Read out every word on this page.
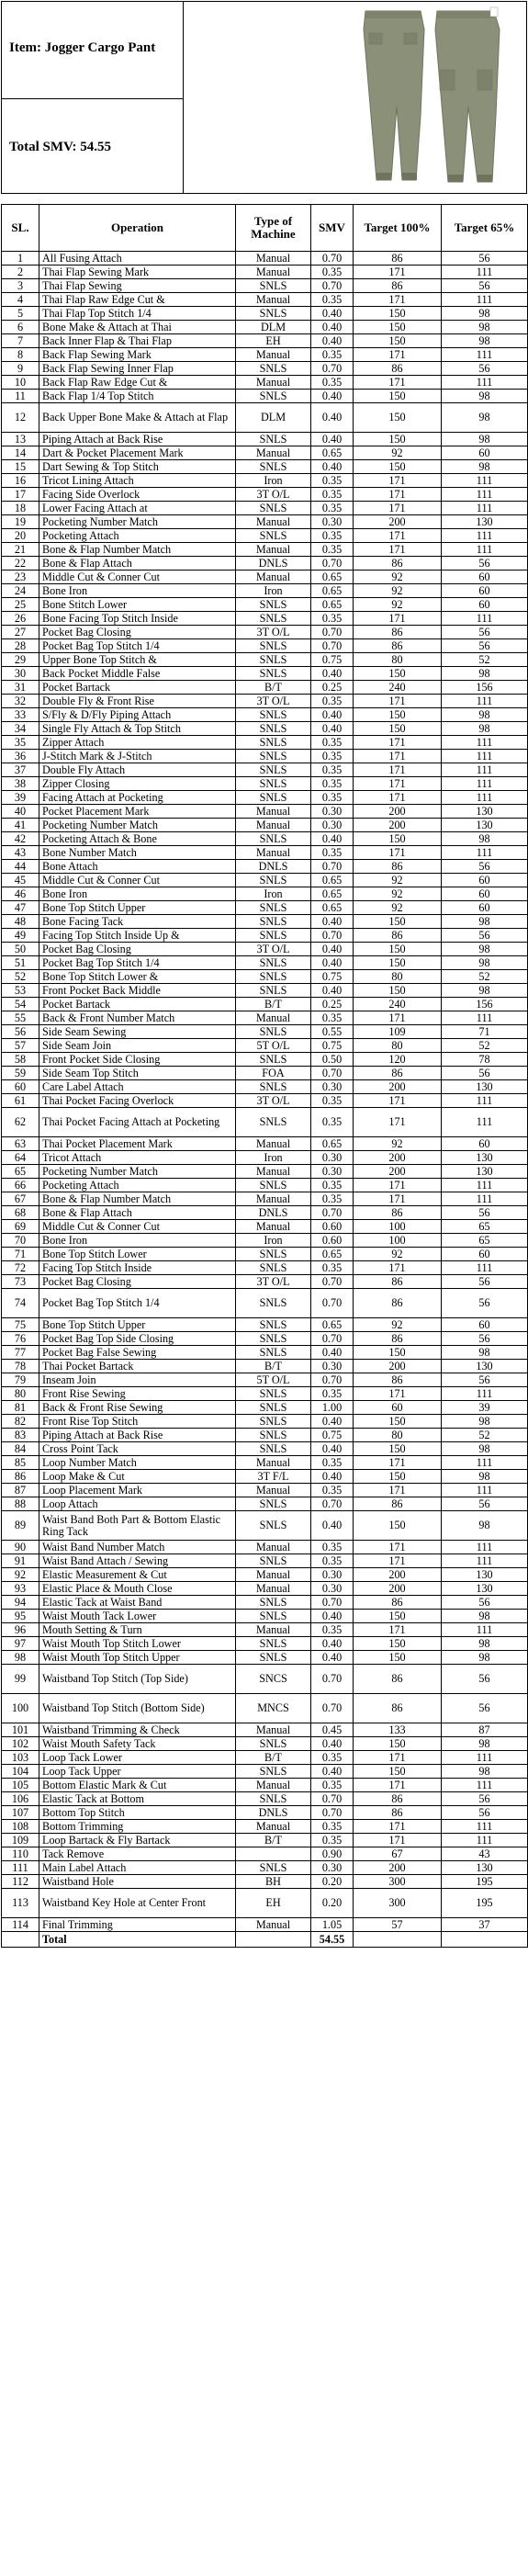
Item: Jogger Cargo Pant
Total SMV: 54.55
SL.	Operation	Type of Machine	SMV	Target 100%	Target 65%
1	All Fusing Attach	Manual	0.70	86	56
2	Thai Flap Sewing Mark	Manual	0.35	171	111
3	Thai Flap Sewing	SNLS	0.70	86	56
4	Thai Flap Raw Edge Cut &	Manual	0.35	171	111
5	Thai Flap Top Stitch 1/4	SNLS	0.40	150	98
6	Bone Make & Attach at Thai	DLM	0.40	150	98
7	Back Inner Flap & Thai Flap	EH	0.40	150	98
8	Back Flap Sewing Mark	Manual	0.35	171	111
9	Back Flap Sewing Inner Flap	SNLS	0.70	86	56
10	Back Flap Raw Edge Cut &	Manual	0.35	171	111
11	Back Flap 1/4 Top Stitch	SNLS	0.40	150	98
12	Back Upper Bone Make & Attach at Flap	DLM	0.40	150	98
13	Piping Attach at Back Rise	SNLS	0.40	150	98
14	Dart & Pocket Placement Mark	Manual	0.65	92	60
15	Dart Sewing & Top Stitch	SNLS	0.40	150	98
16	Tricot Lining Attach	Iron	0.35	171	111
17	Facing Side Overlock	3T O/L	0.35	171	111
18	Lower Facing Attach at	SNLS	0.35	171	111
19	Pocketing Number Match	Manual	0.30	200	130
20	Pocketing Attach	SNLS	0.35	171	111
21	Bone & Flap Number Match	Manual	0.35	171	111
22	Bone & Flap Attach	DNLS	0.70	86	56
23	Middle Cut & Conner Cut	Manual	0.65	92	60
24	Bone Iron	Iron	0.65	92	60
25	Bone Stitch Lower	SNLS	0.65	92	60
26	Bone Facing Top Stitch Inside	SNLS	0.35	171	111
27	Pocket Bag Closing	3T O/L	0.70	86	56
28	Pocket Bag Top Stitch 1/4	SNLS	0.70	86	56
29	Upper Bone Top Stitch &	SNLS	0.75	80	52
30	Back Pocket Middle False	SNLS	0.40	150	98
31	Pocket Bartack	B/T	0.25	240	156
32	Double Fly & Front Rise	3T O/L	0.35	171	111
33	S/Fly & D/Fly Piping Attach	SNLS	0.40	150	98
34	Single Fly Attach & Top Stitch	SNLS	0.40	150	98
35	Zipper Attach	SNLS	0.35	171	111
36	J-Stitch Mark & J-Stitch	SNLS	0.35	171	111
37	Double Fly Attach	SNLS	0.35	171	111
38	Zipper Closing	SNLS	0.35	171	111
39	Facing Attach at Pocketing	SNLS	0.35	171	111
40	Pocket Placement Mark	Manual	0.30	200	130
41	Pocketing Number Match	Manual	0.30	200	130
42	Pocketing Attach & Bone	SNLS	0.40	150	98
43	Bone Number Match	Manual	0.35	171	111
44	Bone Attach	DNLS	0.70	86	56
45	Middle Cut & Conner Cut	SNLS	0.65	92	60
46	Bone Iron	Iron	0.65	92	60
47	Bone Top Stitch Upper	SNLS	0.65	92	60
48	Bone Facing Tack	SNLS	0.40	150	98
49	Facing Top Stitch Inside Up &	SNLS	0.70	86	56
50	Pocket Bag Closing	3T O/L	0.40	150	98
51	Pocket Bag Top Stitch 1/4	SNLS	0.40	150	98
52	Bone Top Stitch Lower &	SNLS	0.75	80	52
53	Front Pocket Back Middle	SNLS	0.40	150	98
54	Pocket Bartack	B/T	0.25	240	156
55	Back & Front Number Match	Manual	0.35	171	111
56	Side Seam Sewing	SNLS	0.55	109	71
57	Side Seam Join	5T O/L	0.75	80	52
58	Front Pocket Side Closing	SNLS	0.50	120	78
59	Side Seam Top Stitch	FOA	0.70	86	56
60	Care Label Attach	SNLS	0.30	200	130
61	Thai Pocket Facing Overlock	3T O/L	0.35	171	111
62	Thai Pocket Facing Attach at Pocketing	SNLS	0.35	171	111
63	Thai Pocket Placement Mark	Manual	0.65	92	60
64	Tricot Attach	Iron	0.30	200	130
65	Pocketing Number Match	Manual	0.30	200	130
66	Pocketing Attach	SNLS	0.35	171	111
67	Bone & Flap Number Match	Manual	0.35	171	111
68	Bone & Flap Attach	DNLS	0.70	86	56
69	Middle Cut & Conner Cut	Manual	0.60	100	65
70	Bone Iron	Iron	0.60	100	65
71	Bone Top Stitch Lower	SNLS	0.65	92	60
72	Facing Top Stitch Inside	SNLS	0.35	171	111
73	Pocket Bag Closing	3T O/L	0.70	86	56
74	Pocket Bag Top Stitch 1/4	SNLS	0.70	86	56
75	Bone Top Stitch Upper	SNLS	0.65	92	60
76	Pocket Bag Top Side Closing	SNLS	0.70	86	56
77	Pocket Bag False Sewing	SNLS	0.40	150	98
78	Thai Pocket Bartack	B/T	0.30	200	130
79	Inseam Join	5T O/L	0.70	86	56
80	Front Rise Sewing	SNLS	0.35	171	111
81	Back & Front Rise Sewing	SNLS	1.00	60	39
82	Front Rise Top Stitch	SNLS	0.40	150	98
83	Piping Attach at Back Rise	SNLS	0.75	80	52
84	Cross Point Tack	SNLS	0.40	150	98
85	Loop Number Match	Manual	0.35	171	111
86	Loop Make & Cut	3T F/L	0.40	150	98
87	Loop Placement Mark	Manual	0.35	171	111
88	Loop Attach	SNLS	0.70	86	56
89	Waist Band Both Part & Bottom Elastic Ring Tack	SNLS	0.40	150	98
90	Waist Band Number Match	Manual	0.35	171	111
91	Waist Band Attach / Sewing	SNLS	0.35	171	111
92	Elastic Measurement & Cut	Manual	0.30	200	130
93	Elastic Place & Mouth Close	Manual	0.30	200	130
94	Elastic Tack at Waist Band	SNLS	0.70	86	56
95	Waist Mouth Tack Lower	SNLS	0.40	150	98
96	Mouth Setting & Turn	Manual	0.35	171	111
97	Waist Mouth Top Stitch Lower	SNLS	0.40	150	98
98	Waist Mouth Top Stitch Upper	SNLS	0.40	150	98
99	Waistband Top Stitch (Top Side)	SNCS	0.70	86	56
100	Waistband Top Stitch (Bottom Side)	MNCS	0.70	86	56
101	Waistband Trimming & Check	Manual	0.45	133	87
102	Waist Mouth Safety Tack	SNLS	0.40	150	98
103	Loop Tack Lower	B/T	0.35	171	111
104	Loop Tack Upper	SNLS	0.40	150	98
105	Bottom Elastic Mark & Cut	Manual	0.35	171	111
106	Elastic Tack at Bottom	SNLS	0.70	86	56
107	Bottom Top Stitch	DNLS	0.70	86	56
108	Bottom Trimming	Manual	0.35	171	111
109	Loop Bartack & Fly Bartack	B/T	0.35	171	111
110	Tack Remove		0.90	67	43
111	Main Label Attach	SNLS	0.30	200	130
112	Waistband Hole	BH	0.20	300	195
113	Waistband Key Hole at Center Front	EH	0.20	300	195
114	Final Trimming	Manual	1.05	57	37
	Total		54.55		
